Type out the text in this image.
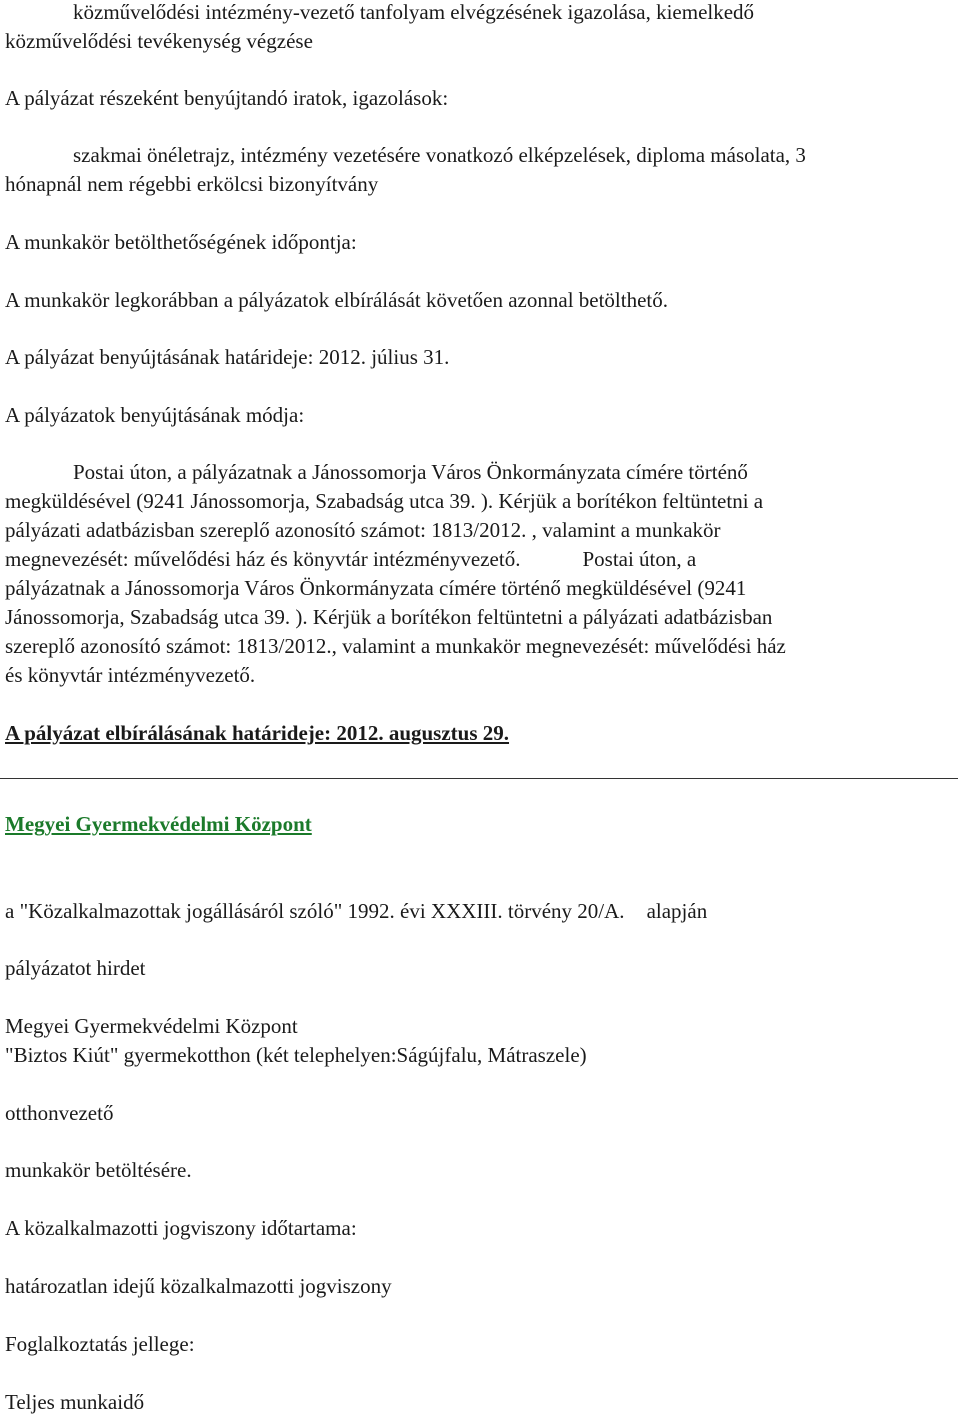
közművelődési intézmény-vezető tanfolyam elvégzésének igazolása, kiemelkedő
közművelődési tevékenység végzése
A pályázat részeként benyújtandó iratok, igazolások:
szakmai önéletrajz, intézmény vezetésére vonatkozó elképzelések, diploma másolata, 3
hónapnál nem régebbi erkölcsi bizonyítvány
A munkakör betölthetőségének időpontja:
A munkakör legkorábban a pályázatok elbírálását követően azonnal betölthető.
A pályázat benyújtásának határideje: 2012. július 31.
A pályázatok benyújtásának módja:
Postai úton, a pályázatnak a Jánossomorja Város Önkormányzata címére történő
megküldésével (9241 Jánossomorja, Szabadság utca 39. ). Kérjük a borítékon feltüntetni a
pályázati adatbázisban szereplő azonosító számot: 1813/2012. , valamint a munkakör
megnevezését: művelődési ház és könyvtár intézményvezető.	Postai úton, a
pályázatnak a Jánossomorja Város Önkormányzata címére történő megküldésével (9241
Jánossomorja, Szabadság utca 39. ). Kérjük a borítékon feltüntetni a pályázati adatbázisban
szereplő azonosító számot: 1813/2012., valamint a munkakör megnevezését: művelődési ház
és könyvtár intézményvezető.
A pályázat elbírálásának határideje: 2012. augusztus 29.
Megyei Gyermekvédelmi Központ
a "Közalkalmazottak jogállásáról szóló" 1992. évi XXXIII. törvény 20/A. alapján
pályázatot hirdet
Megyei Gyermekvédelmi Központ
"Biztos Kiút" gyermekotthon (két telephelyen:Ságújfalu, Mátraszele)
otthonvezető
munkakör betöltésére.
A közalkalmazotti jogviszony időtartama:
határozatlan idejű közalkalmazotti jogviszony
Foglalkoztatás jellege:
Teljes munkaidő
